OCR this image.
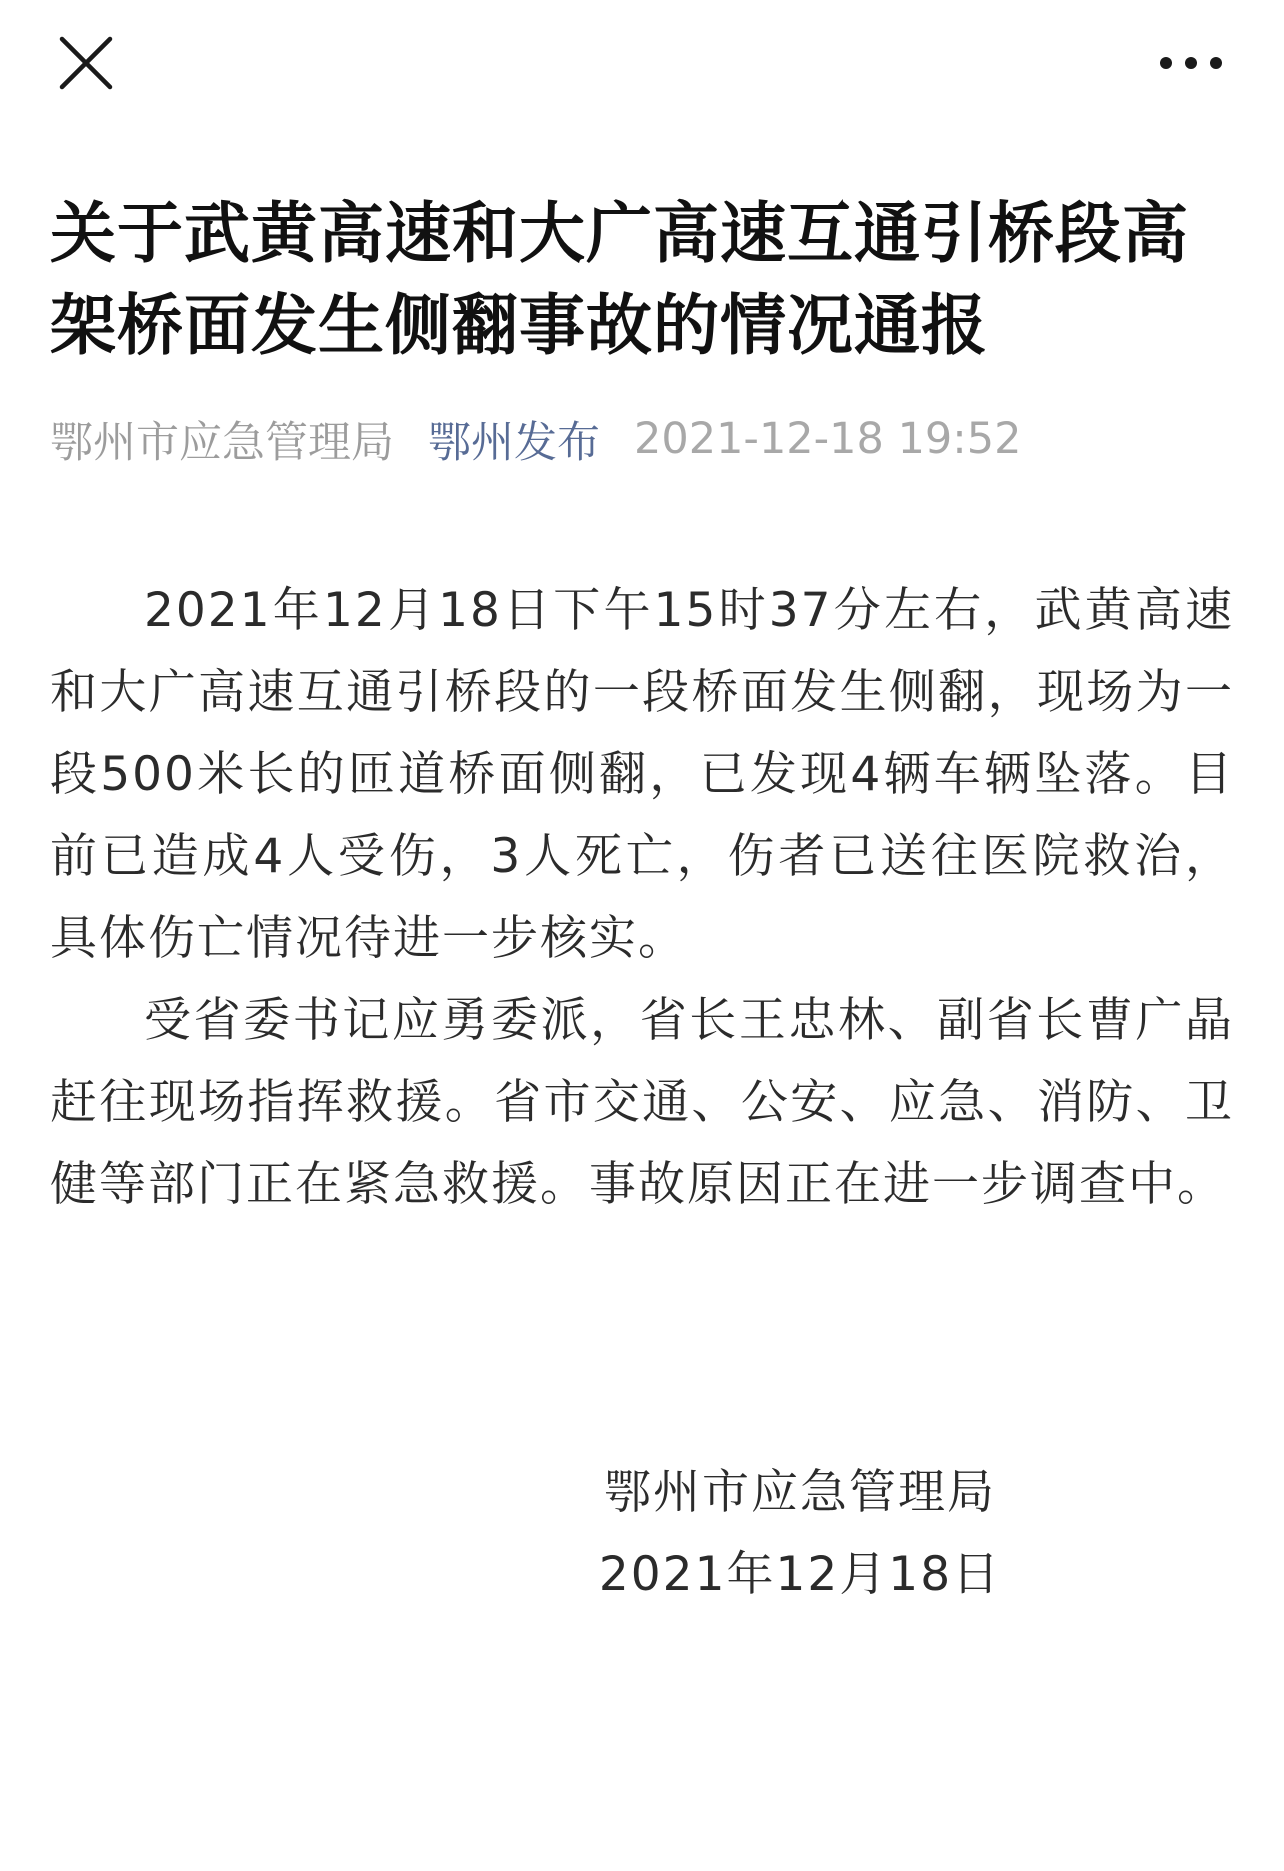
关于武黄高速和大广高速互通引桥段高架桥面发生侧翻事故的情况通报
鄂州市应急管理局 鄂州发布 2021-12-18 19:52

2021年12月18日下午15时37分左右，武黄高速和大广高速互通引桥段的一段桥面发生侧翻，现场为一段500米长的匝道桥面侧翻，已发现4辆车辆坠落。目前已造成4人受伤，3人死亡，伤者已送往医院救治，具体伤亡情况待进一步核实。

受省委书记应勇委派，省长王忠林、副省长曹广晶赶往现场指挥救援。省市交通、公安、应急、消防、卫健等部门正在紧急救援。事故原因正在进一步调查中。

鄂州市应急管理局
2021年12月18日
